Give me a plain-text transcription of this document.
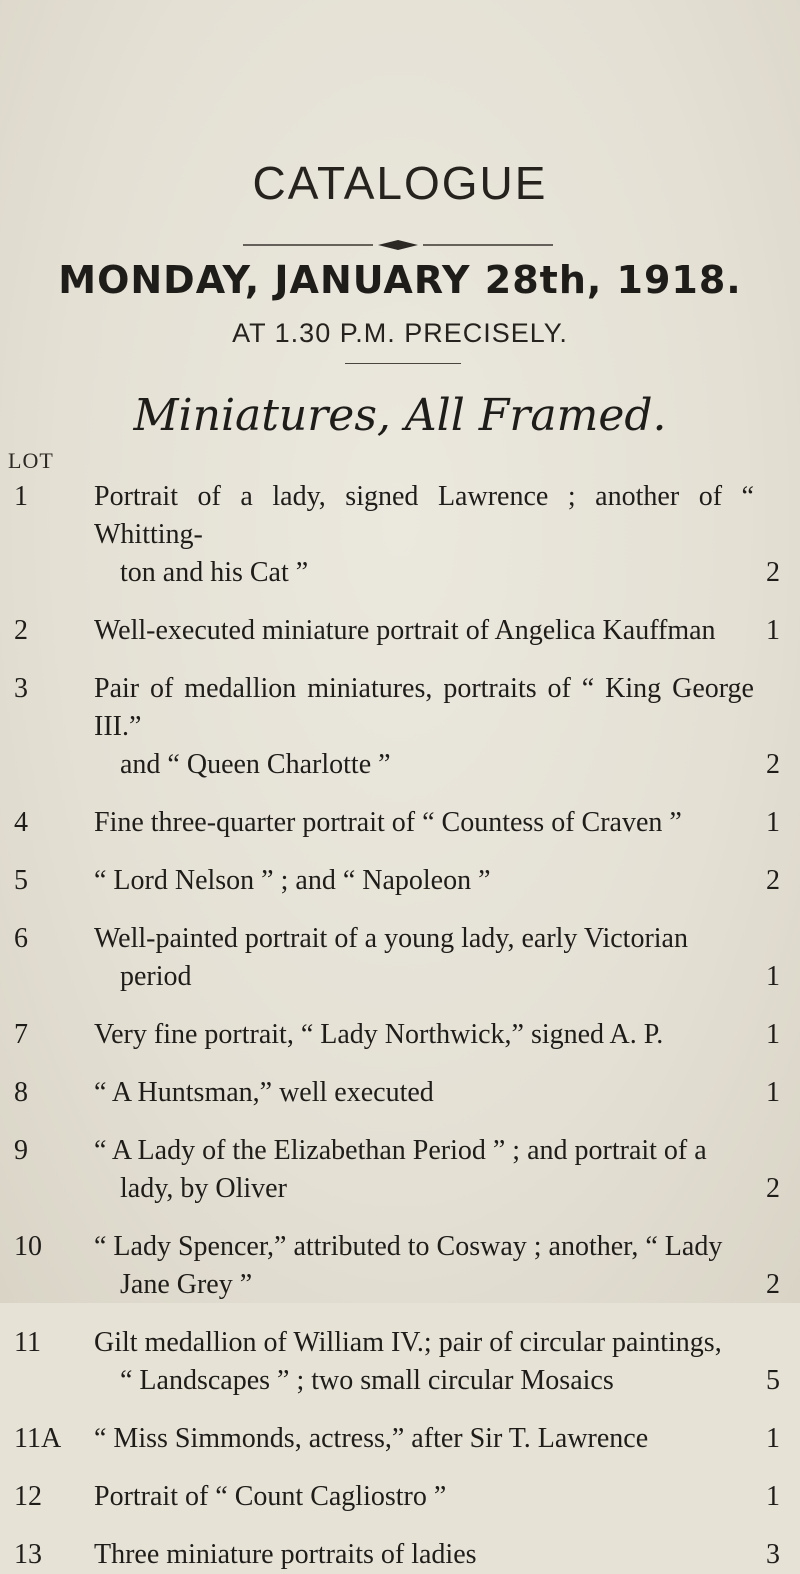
CATALOGUE
MONDAY, JANUARY 28th, 1918.
AT 1.30 P.M. PRECISELY.
Miniatures, All Framed.
LOT
1	Portrait of a lady, signed Lawrence ; another of “ Whitting-
ton and his Cat ”	2
2	Well-executed miniature portrait of Angelica Kauffman	1
3	Pair of medallion miniatures, portraits of “ King George III.”
and “ Queen Charlotte ”	2
4	Fine three-quarter portrait of “ Countess of Craven ”	1
5	“ Lord Nelson ” ; and “ Napoleon ”	2
6	Well-painted portrait of a young lady, early Victorian
period	1
7	Very fine portrait, “ Lady Northwick,” signed A. P.	1
8	“ A Huntsman,” well executed	1
9	“ A Lady of the Elizabethan Period ” ; and portrait of a
lady, by Oliver	2
10	“ Lady Spencer,” attributed to Cosway ; another, “ Lady
Jane Grey ”	2
11	Gilt medallion of William IV.; pair of circular paintings,
“ Landscapes ” ; two small circular Mosaics	5
11A “ Miss Simmonds, actress,” after Sir T. Lawrence	1
12	Portrait of “ Count Cagliostro ”	1
13	Three miniature portraits of ladies	3
